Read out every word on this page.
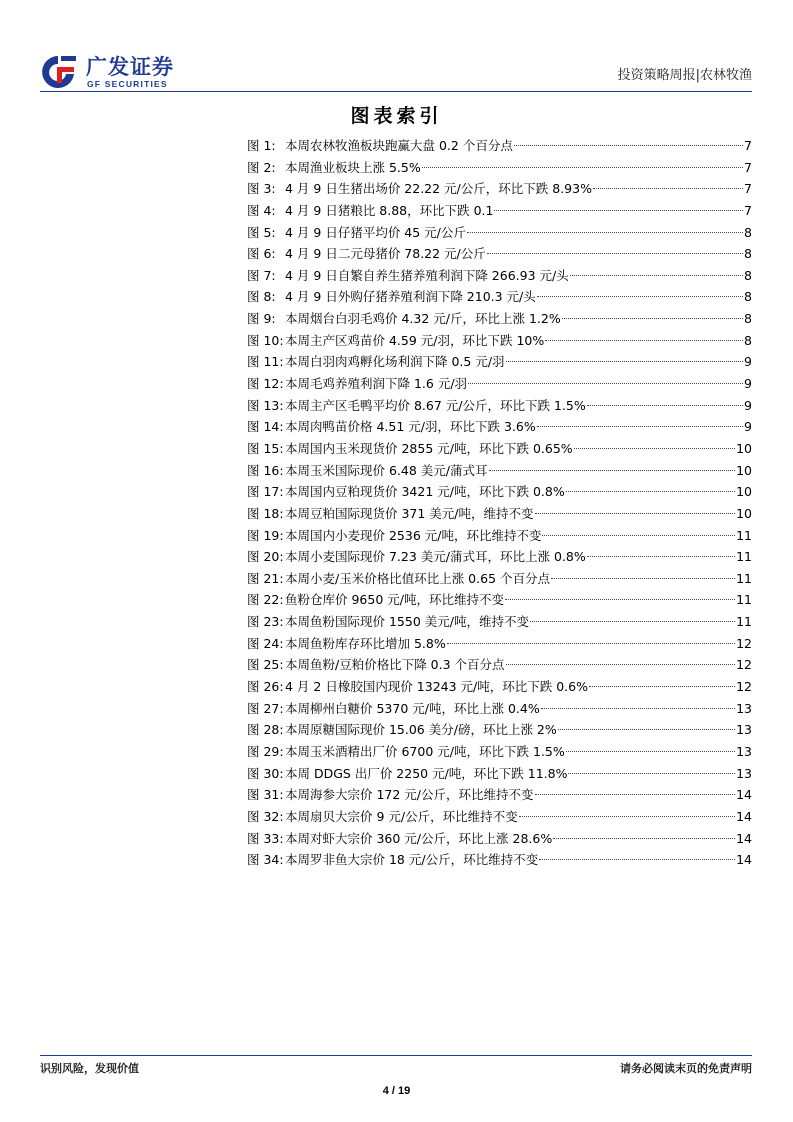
广发证券
GF SECURITIES
投资策略周报|农林牧渔
图表索引
图 1: 本周农林牧渔板块跑赢大盘 0.2 个百分点	7
图 2: 本周渔业板块上涨 5.5%	7
图 3: 4 月 9 日生猪出场价 22.22 元/公斤，环比下跌 8.93%	7
图 4: 4 月 9 日猪粮比 8.88，环比下跌 0.1	7
图 5: 4 月 9 日仔猪平均价 45 元/公斤	8
图 6: 4 月 9 日二元母猪价 78.22 元/公斤	8
图 7: 4 月 9 日自繁自养生猪养殖利润下降 266.93 元/头	8
图 8: 4 月 9 日外购仔猪养殖利润下降 210.3 元/头	8
图 9: 本周烟台白羽毛鸡价 4.32 元/斤，环比上涨 1.2%	8
图 10: 本周主产区鸡苗价 4.59 元/羽，环比下跌 10%	8
图 11: 本周白羽肉鸡孵化场利润下降 0.5 元/羽	9
图 12: 本周毛鸡养殖利润下降 1.6 元/羽	9
图 13: 本周主产区毛鸭平均价 8.67 元/公斤，环比下跌 1.5%	9
图 14: 本周肉鸭苗价格 4.51 元/羽，环比下跌 3.6%	9
图 15: 本周国内玉米现货价 2855 元/吨，环比下跌 0.65%	10
图 16: 本周玉米国际现价 6.48 美元/蒲式耳	10
图 17: 本周国内豆粕现货价 3421 元/吨，环比下跌 0.8%	10
图 18: 本周豆粕国际现货价 371 美元/吨，维持不变	10
图 19: 本周国内小麦现价 2536 元/吨，环比维持不变	11
图 20: 本周小麦国际现价 7.23 美元/蒲式耳，环比上涨 0.8%	11
图 21: 本周小麦/玉米价格比值环比上涨 0.65 个百分点	11
图 22: 鱼粉仓库价 9650 元/吨，环比维持不变	11
图 23: 本周鱼粉国际现价 1550 美元/吨，维持不变	11
图 24: 本周鱼粉库存环比增加 5.8%	12
图 25: 本周鱼粉/豆粕价格比下降 0.3 个百分点	12
图 26: 4 月 2 日橡胶国内现价 13243 元/吨，环比下跌 0.6%	12
图 27: 本周柳州白糖价 5370 元/吨，环比上涨 0.4%	13
图 28: 本周原糖国际现价 15.06 美分/磅，环比上涨 2%	13
图 29: 本周玉米酒精出厂价 6700 元/吨，环比下跌 1.5%	13
图 30: 本周 DDGS 出厂价 2250 元/吨，环比下跌 11.8%	13
图 31: 本周海参大宗价 172 元/公斤，环比维持不变	14
图 32: 本周扇贝大宗价 9 元/公斤，环比维持不变	14
图 33: 本周对虾大宗价 360 元/公斤，环比上涨 28.6%	14
图 34: 本周罗非鱼大宗价 18 元/公斤，环比维持不变	14
识别风险，发现价值	请务必阅读末页的免责声明
4 / 19
